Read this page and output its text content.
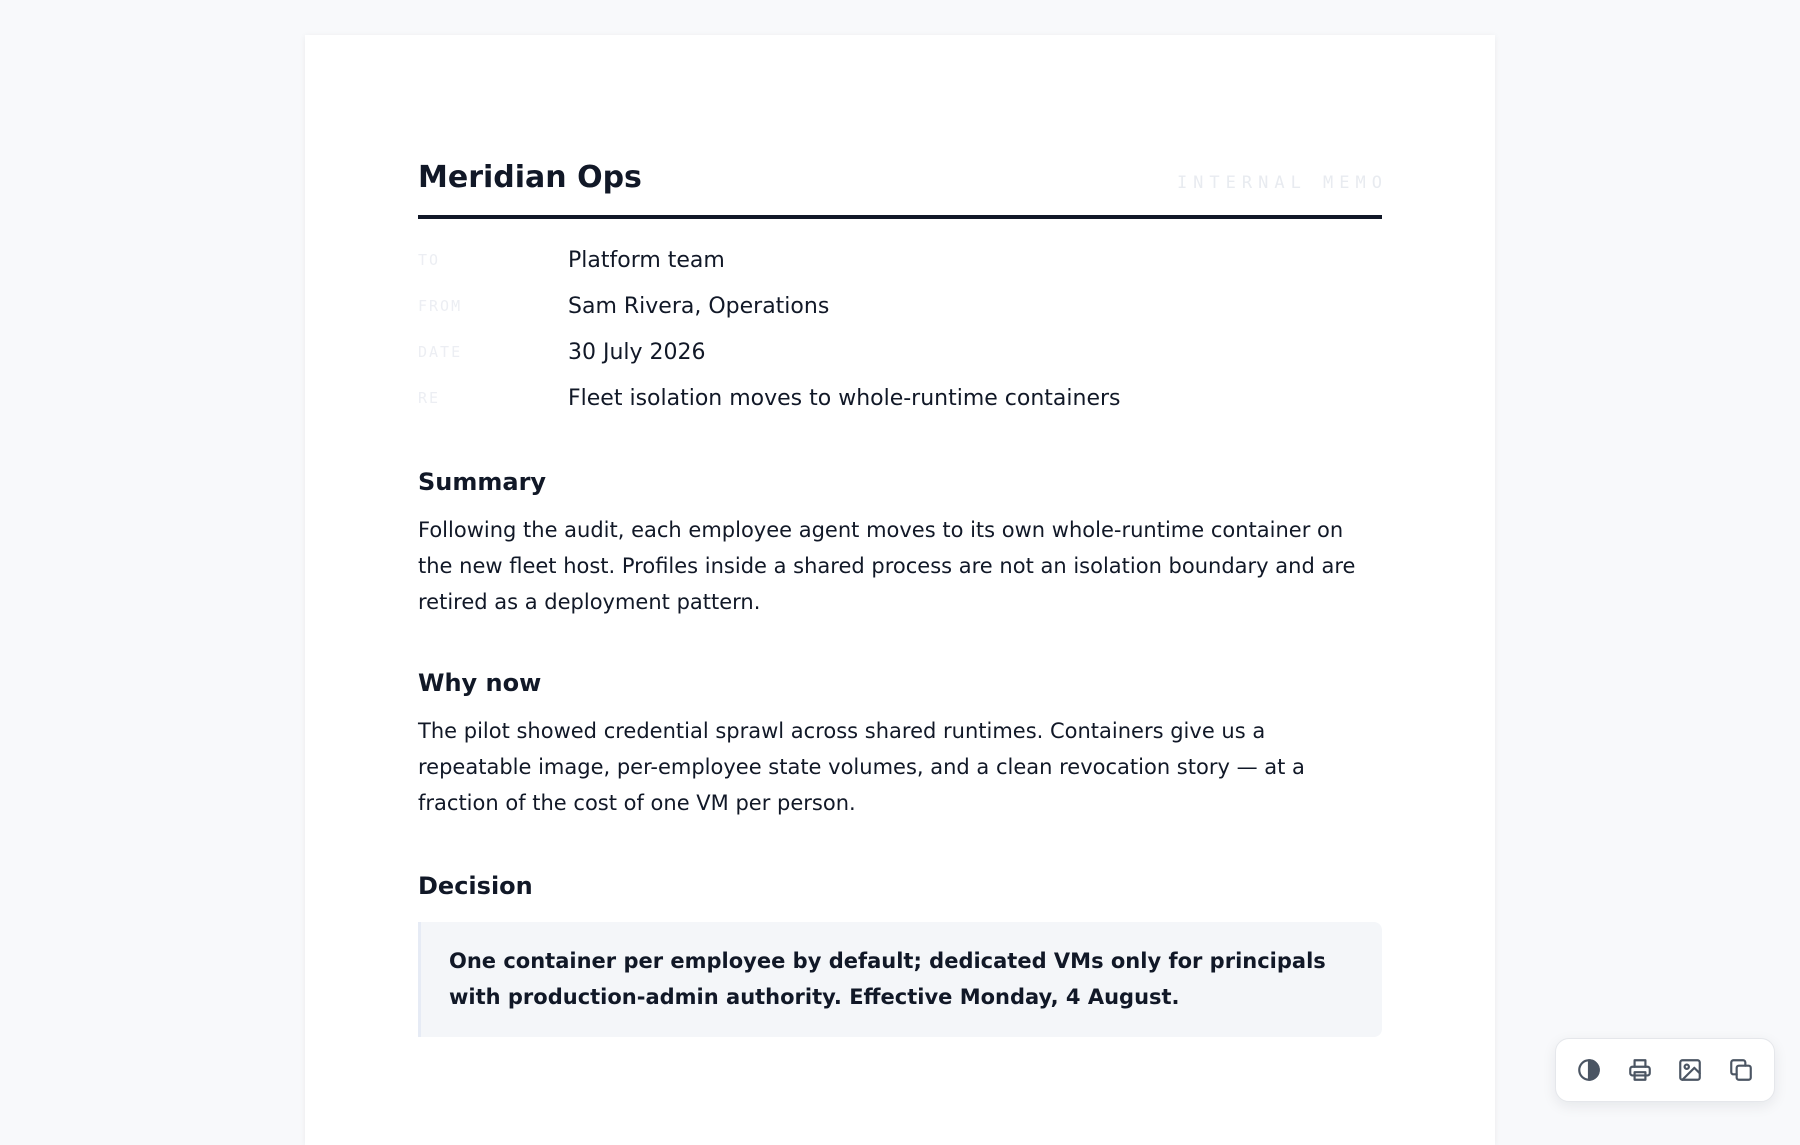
Meridian Ops	INTERNAL MEMO
TO	Platform team
FROM	Sam Rivera, Operations
DATE	30 July 2026
RE	Fleet isolation moves to whole-runtime containers
Summary

Following the audit, each employee agent moves to its own whole-runtime container on the new fleet host. Profiles inside a shared process are not an isolation boundary and are retired as a deployment pattern.

Why now

The pilot showed credential sprawl across shared runtimes. Containers give us a repeatable image, per-employee state volumes, and a clean revocation story — at a fraction of the cost of one VM per person.

Decision
One container per employee by default; dedicated VMs only for principals with production-admin authority. Effective Monday, 4 August.
